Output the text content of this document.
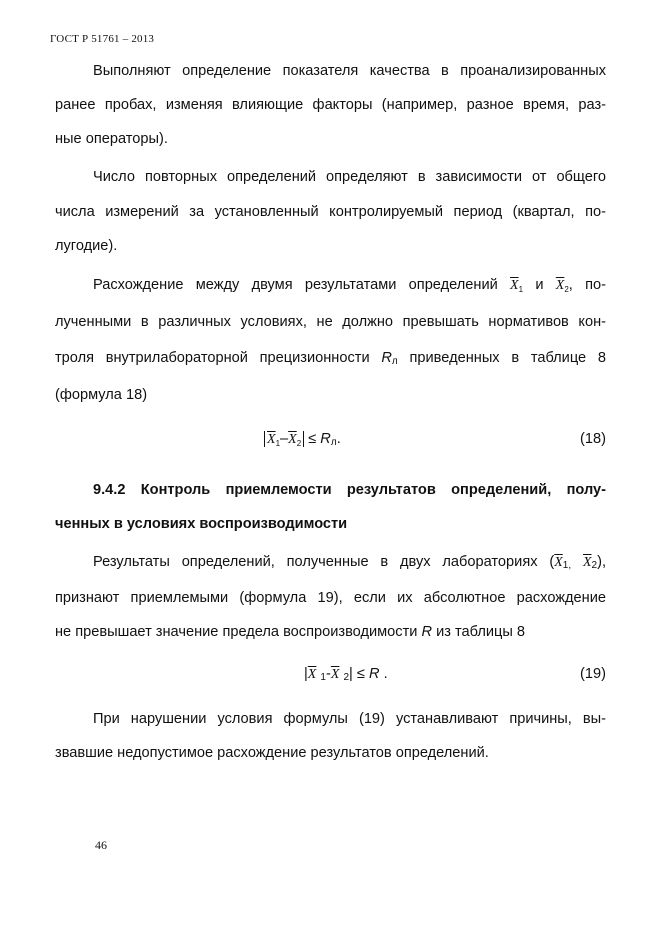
ГОСТ Р 51761 – 2013
Выполняют определение показателя качества в проанализированных
ранее пробах, изменяя влияющие факторы (например, разное время, раз-
ные операторы).
Число повторных определений определяют в зависимости от общего
числа измерений за установленный контролируемый период (квартал, по-
лугодие).
Расхождение между двумя результатами определений $\overline{X}_1$ и $\overline{X}_2$, по-
лученными в различных условиях, не должно превышать нормативов кон-
троля внутрилабораторной прецизионности Rл приведенных в таблице 8
(формула 18)
$\overline{X}_1-\overline{X}_2$ ≤ Rл.	(18)
9.4.2 Контроль приемлемости результатов определений, полу-
ченных в условиях воспроизводимости
Результаты определений, полученные в двух лабораториях ($\overline{X}1$, $\overline{X}2$),
признают приемлемыми (формула 19), если их абсолютное расхождение
не превышает значение предела воспроизводимости R из таблицы 8
$|\overline{X}$ $1-\overline{X}$ 2| ≤ R .	(19)
При нарушении условия формулы (19) устанавливают причины, вы-
звавшие недопустимое расхождение результатов определений.
46
